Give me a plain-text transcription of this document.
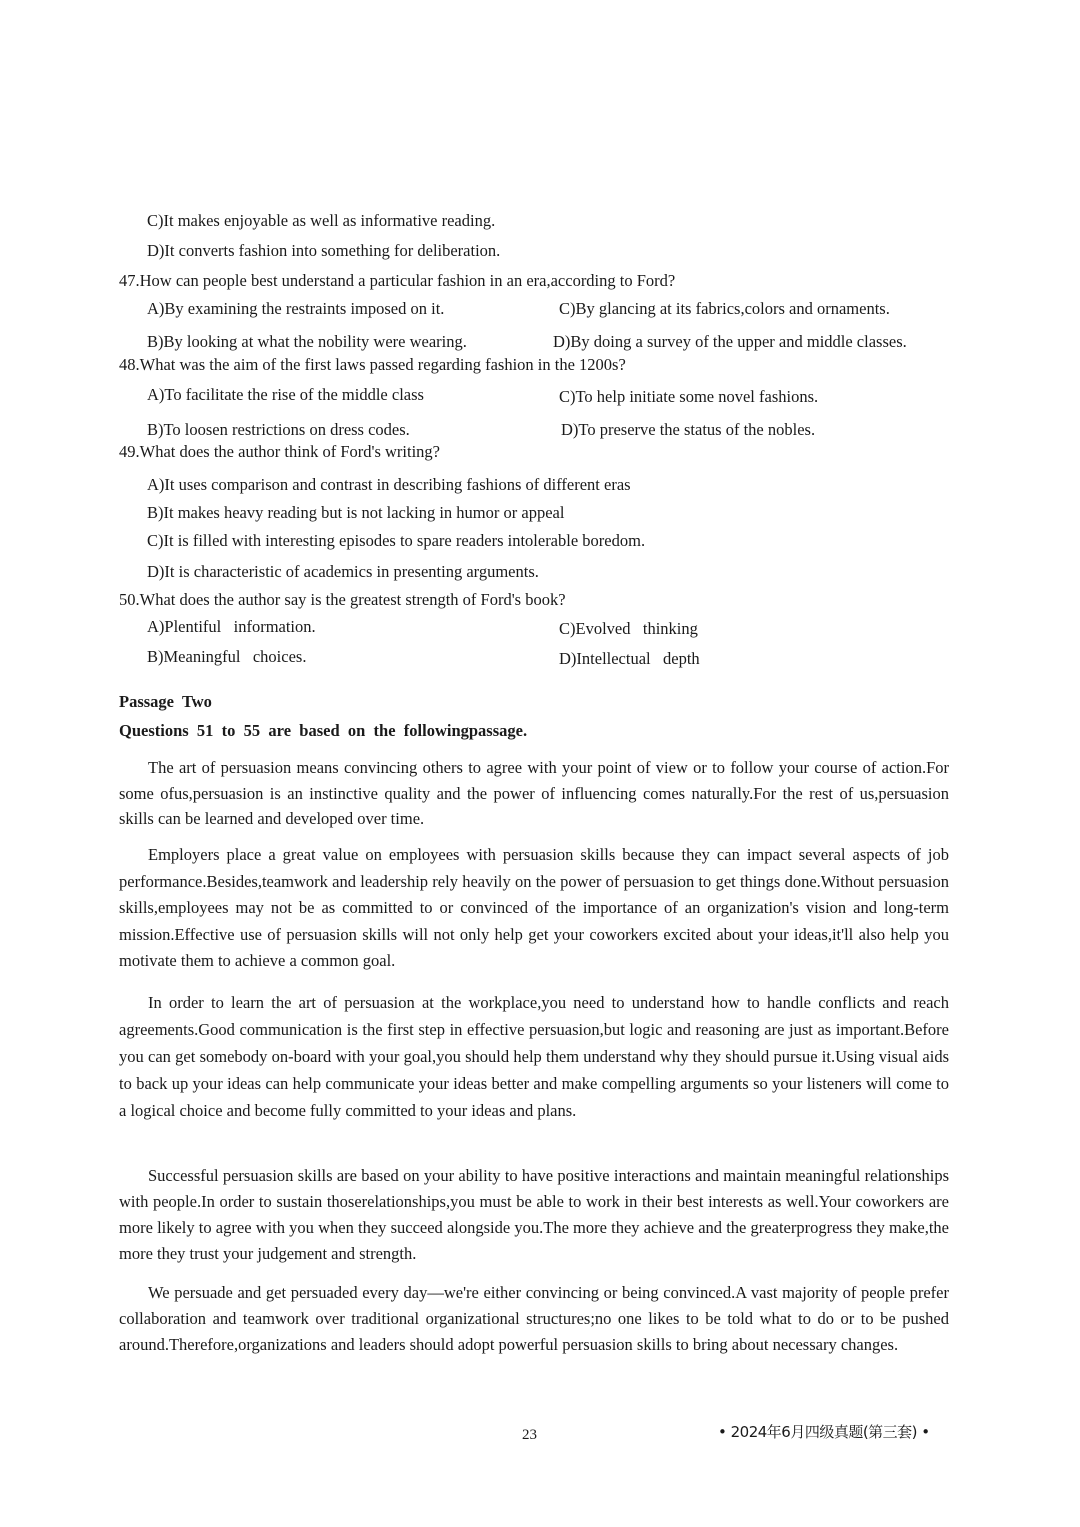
C)It makes enjoyable as well as informative reading.
D)It converts fashion into something for deliberation.
47.How can people best understand a particular fashion in an era,according to Ford?
A)By examining the restraints imposed on it.	C)By glancing at its fabrics,colors and ornaments.
B)By looking at what the nobility were wearing.	D)By doing a survey of the upper and middle classes.
48.What was the aim of the first laws passed regarding fashion in the 1200s?
A)To facilitate the rise of the middle class	C)To help initiate some novel fashions.
B)To loosen restrictions on dress codes.	D)To preserve the status of the nobles.
49.What does the author think of Ford's writing?
A)It uses comparison and contrast in describing fashions of different eras
B)It makes heavy reading but is not lacking in humor or appeal
C)It is filled with interesting episodes to spare readers intolerable boredom.
D)It is characteristic of academics in presenting arguments.
50.What does the author say is the greatest strength of Ford's book?
A)Plentiful   information.	C)Evolved   thinking
B)Meaningful   choices.	D)Intellectual   depth
Passage  Two
Questions  51  to  55  are  based  on  the  followingpassage.
The art of persuasion means convincing others to agree with your point of view or to follow your course of action.For some ofus,persuasion is an instinctive quality and the power of influencing comes naturally.For the rest of us,persuasion skills can be learned and developed over time.
Employers place a great value on employees with persuasion skills because they can impact several aspects of job performance.Besides,teamwork and leadership rely heavily on the power of persuasion to get things done.Without persuasion skills,employees may not be as committed to or convinced of the importance of an organization's vision and long-term mission.Effective use of persuasion skills will not only help get your coworkers excited about your ideas,it'll also help you motivate them to achieve a common goal.
In order to learn the art of persuasion at the workplace,you need to understand how to handle conflicts and reach agreements.Good communication is the first step in effective persuasion,but logic and reasoning are just as important.Before you can get somebody on-board with your goal,you should help them understand why they should pursue it.Using visual aids to back up your ideas can help communicate your ideas better and make compelling arguments so your listeners will come to a logical choice and become fully committed to your ideas and plans.
Successful persuasion skills are based on your ability to have positive interactions and maintain meaningful relationships with people.In order to sustain thoserelationships,you must be able to work in their best interests as well.Your coworkers are more likely to agree with you when they succeed alongside you.The more they achieve and the greaterprogress they make,the more they trust your judgement and strength.
We persuade and get persuaded every day—we're either convincing or being convinced.A vast majority of people prefer collaboration and teamwork over traditional organizational structures;no one likes to be told what to do or to be pushed around.Therefore,organizations and leaders should adopt powerful persuasion skills to bring about necessary changes.
23	• 2024年6月四级真题(第三套) •
